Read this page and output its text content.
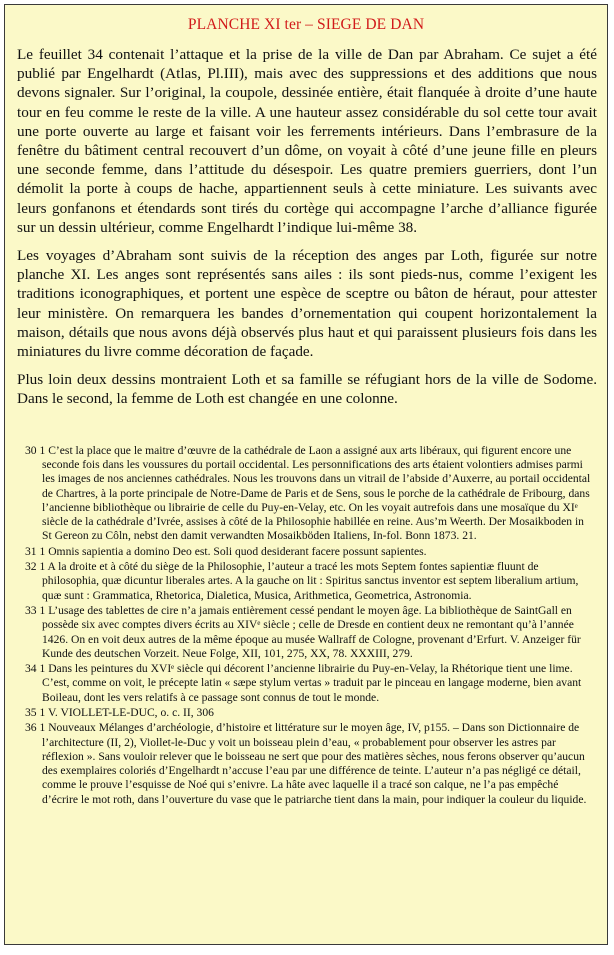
PLANCHE XI ter – SIEGE DE DAN

Le feuillet 34 contenait l’attaque et la prise de la ville de Dan par Abraham. Ce sujet a été publié par Engelhardt (Atlas, Pl.III), mais avec des suppressions et des additions que nous devons signaler. Sur l’original, la coupole, dessinée entière, était flanquée à droite d’une haute tour en feu comme le reste de la ville. A une hauteur assez considérable du sol cette tour avait une porte ouverte au large et faisant voir les ferrements intérieurs. Dans l’embrasure de la fenêtre du bâtiment central recouvert d’un dôme, on voyait à côté d’une jeune fille en pleurs une seconde femme, dans l’attitude du désespoir. Les quatre premiers guerriers, dont l’un démolit la porte à coups de hache, appartiennent seuls à cette miniature. Les suivants avec leurs gonfanons et étendards sont tirés du cortège qui accompagne l’arche d’alliance figurée sur un dessin ultérieur, comme Engelhardt l’indique lui-même 38.

Les voyages d’Abraham sont suivis de la réception des anges par Loth, figurée sur notre planche XI. Les anges sont représentés sans ailes : ils sont pieds-nus, comme l’exigent les traditions iconographiques, et portent une espèce de sceptre ou bâton de héraut, pour attester leur ministère. On remarquera les bandes d’ornementation qui coupent horizontalement la maison, détails que nous avons déjà observés plus haut et qui paraissent plusieurs fois dans les miniatures du livre comme décoration de façade.

Plus loin deux dessins montraient Loth et sa famille se réfugiant hors de la ville de Sodome. Dans le second, la femme de Loth est changée en une colonne.

30 1 C’est la place que le maitre d’œuvre de la cathédrale de Laon a assigné aux arts libéraux, qui figurent encore une seconde fois dans les voussures du portail occidental. Les personnifications des arts étaient volontiers admises parmi les images de nos anciennes cathédrales. Nous les trouvons dans un vitrail de l’abside d’Auxerre, au portail occidental de Chartres, à la porte principale de Notre-Dame de Paris et de Sens, sous le porche de la cathédrale de Fribourg, dans l’ancienne bibliothèque ou librairie de celle du Puy-en-Velay, etc. On les voyait autrefois dans une mosaïque du XIᵉ siècle de la cathédrale d’Ivrée, assises à côté de la Philosophie habillée en reine. Aus’m Weerth. Der Mosaikboden in St Gereon zu Côln, nebst den damit verwandten Mosaikböden Italiens, In-fol. Bonn 1873. 21.

31 1 Omnis sapientia a domino Deo est. Soli quod desiderant facere possunt sapientes.

32 1 A la droite et à côté du siège de la Philosophie, l’auteur a tracé les mots Septem fontes sapientiæ fluunt de philosophia, quæ dicuntur liberales artes. A la gauche on lit : Spiritus sanctus inventor est septem liberalium artium, quæ sunt : Grammatica, Rhetorica, Dialetica, Musica, Arithmetica, Geometrica, Astronomia.

33 1 L’usage des tablettes de cire n’a jamais entièrement cessé pendant le moyen âge. La bibliothèque de SaintGall en possède six avec comptes divers écrits au XIVᵉ siècle ; celle de Dresde en contient deux ne remontant qu’à l’année 1426. On en voit deux autres de la même époque au musée Wallraff de Cologne, provenant d’Erfurt. V. Anzeiger für Kunde des deutschen Vorzeit. Neue Folge, XII, 101, 275, XX, 78. XXXIII, 279.

34 1 Dans les peintures du XVIᵉ siècle qui décorent l’ancienne librairie du Puy-en-Velay, la Rhétorique tient une lime. C’est, comme on voit, le précepte latin « sæpe stylum vertas » traduit par le pinceau en langage moderne, bien avant Boileau, dont les vers relatifs à ce passage sont connus de tout le monde.

35 1 V. VIOLLET-LE-DUC, o. c. II, 306

36 1 Nouveaux Mélanges d’archéologie, d’histoire et littérature sur le moyen âge, IV, p155. – Dans son Dictionnaire de l’architecture (II, 2), Viollet-le-Duc y voit un boisseau plein d’eau, « probablement pour observer les astres par réflexion ». Sans vouloir relever que le boisseau ne sert que pour des matières sèches, nous ferons observer qu’aucun des exemplaires coloriés d’Engelhardt n’accuse l’eau par une différence de teinte. L’auteur n’a pas négligé ce détail, comme le prouve l’esquisse de Noé qui s’enivre. La hâte avec laquelle il a tracé son calque, ne l’a pas empêché d’écrire le mot roth, dans l’ouverture du vase que le patriarche tient dans la main, pour indiquer la couleur du liquide.
